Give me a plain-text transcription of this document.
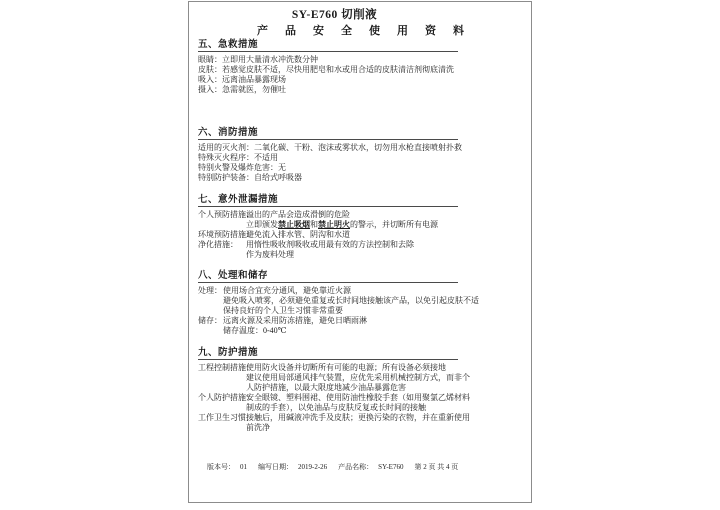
SY-E760 切削液
产品安全使用资料
五、急救措施
眼睛： 立即用大量清水冲洗数分钟
皮肤： 若感觉皮肤不适，尽快用肥皂和水或用合适的皮肤清洁剂彻底清洗
吸入： 远离油品暴露现场
摄入： 急需就医，勿催吐
六、消防措施
适用的灭火剂： 二氧化碳、干粉、泡沫或雾状水，切勿用水枪直接喷射扑救
特殊灭火程序： 不适用
特别火警及爆炸危害： 无
特别防护装备： 自给式呼吸器
七、意外泄漏措施
个人预防措施：
溢出的产品会造成滑倒的危险
立即颁发禁止吸烟和禁止明火的警示，并切断所有电源
环境预防措施：
避免流入排水管、阴沟和水道
净化措施：	用惰性吸收剂吸收或用最有效的方法控制和去除
作为废料处理
八、处理和储存
处理： 使用场合宜充分通风，避免靠近火源
避免吸入喷雾，必须避免重复或长时间地接触该产品，以免引起皮肤不适
保持良好的个人卫生习惯非常重要
储存： 远离火源及采用防冻措施，避免日晒雨淋
储存温度：0-40℃
九、防护措施
工程控制措施：
使用防火设备并切断所有可能的电源；所有设备必须接地
建议使用局部通风排气装置，应优先采用机械控制方式，而非个
人防护措施，以最大限度地减少油品暴露危害
个人防护措施：
安全眼镜、塑料围裙、使用防油性橡胶手套（如用聚氯乙烯材料
制成的手套），以免油品与皮肤反复或长时间的接触
工作卫生习惯：
接触后，用碱液冲洗手及皮肤；更换污染的衣物，并在重新使用
前洗净
版本号： 01 编写日期： 2019-2-26 产品名称： SY-E760 第 2 页 共 4 页
